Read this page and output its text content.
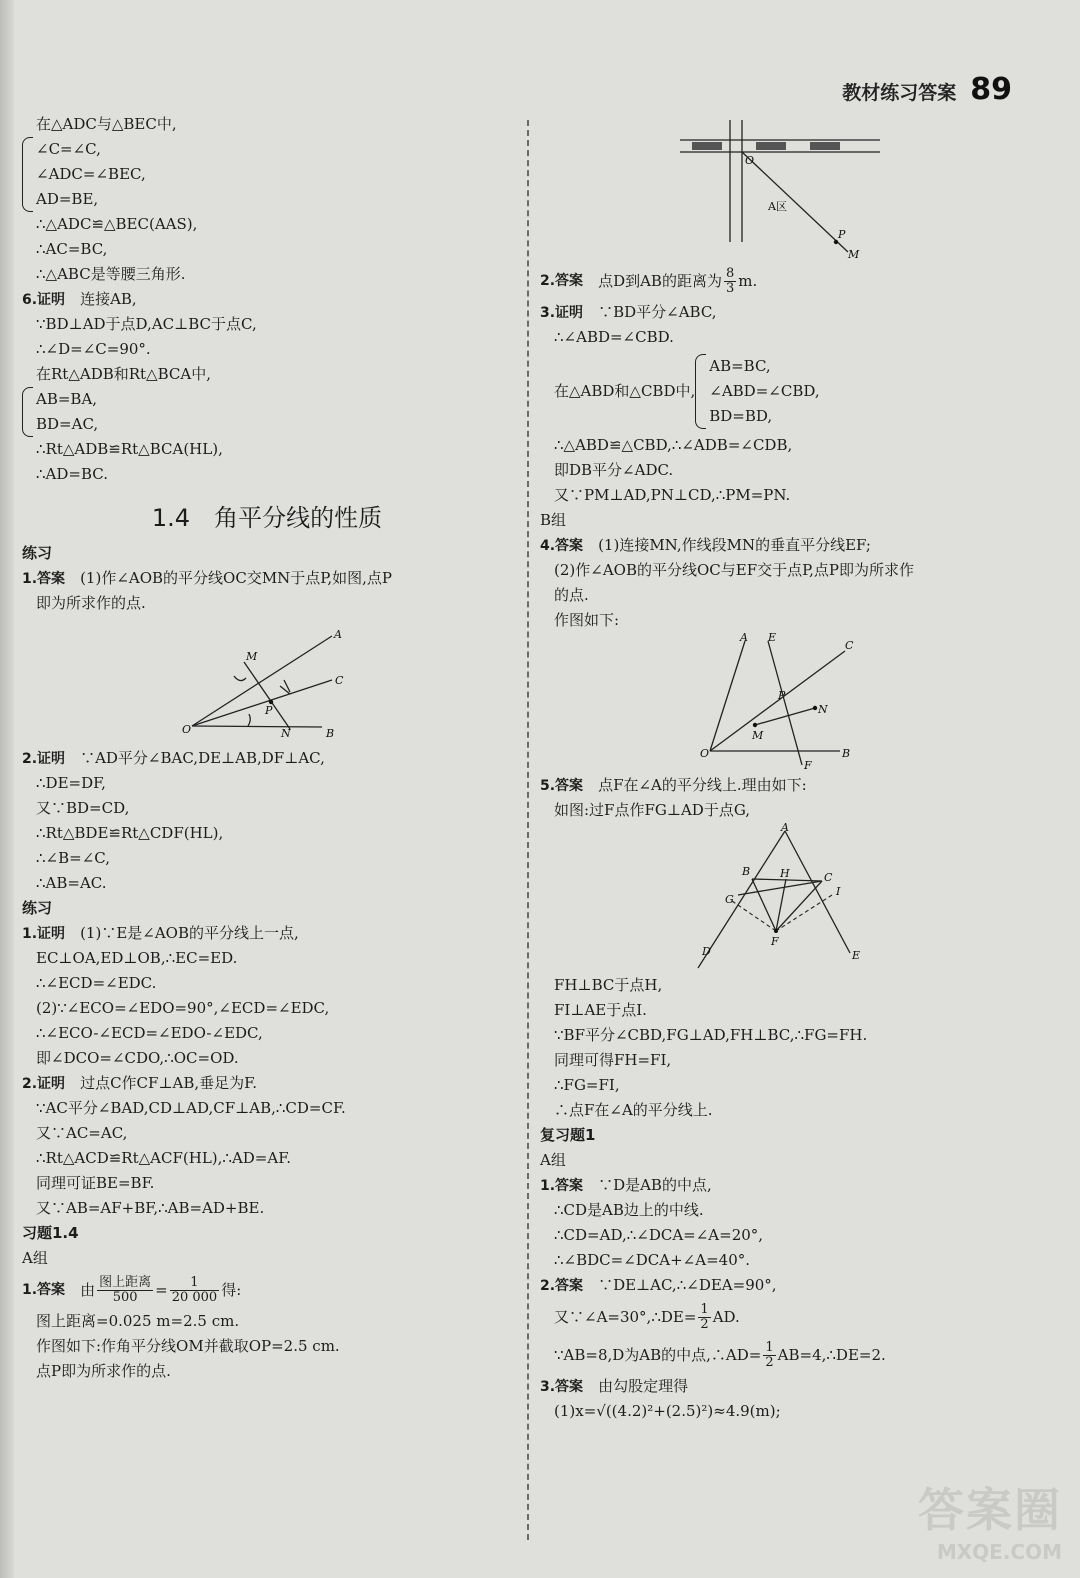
教材练习答案 89
在△ADC与△BEC中,
∠C=∠C,
∠ADC=∠BEC,
AD=BE,
∴△ADC≌△BEC(AAS),
∴AC=BC,
∴△ABC是等腰三角形.
6.证明　 连接AB,
∵BD⊥AD于点D,AC⊥BC于点C,
∴∠D=∠C=90°.
在Rt△ADB和Rt△BCA中,
AB=BA,
BD=AC,
∴Rt△ADB≌Rt△BCA(HL),
∴AD=BC.
1.4　角平分线的性质
练习
1.答案　 (1)作∠AOB的平分线OC交MN于点P,如图,点P
即为所求作的点.
A
B
C
M
N
O
P
2.证明　 ∵AD平分∠BAC,DE⊥AB,DF⊥AC,
∴DE=DF,
又∵BD=CD,
∴Rt△BDE≌Rt△CDF(HL),
∴∠B=∠C,
∴AB=AC.
练习
1.证明　 (1)∵E是∠AOB的平分线上一点,
EC⊥OA,ED⊥OB,∴EC=ED.
∴∠ECD=∠EDC.
(2)∵∠ECO=∠EDO=90°,∠ECD=∠EDC,
∴∠ECO-∠ECD=∠EDO-∠EDC,
即∠DCO=∠CDO,∴OC=OD.
2.证明　 过点C作CF⊥AB,垂足为F.
∵AC平分∠BAD,CD⊥AD,CF⊥AB,∴CD=CF.
又∵AC=AC,
∴Rt△ACD≌Rt△ACF(HL),∴AD=AF.
同理可证BE=BF.
又∵AB=AF+BF,∴AB=AD+BE.
习题1.4
A组
1.答案
　 由 $\frac{\text{图上距离}}{500} = \frac{1}{20 000}$ 得:
图上距离=0.025 m=2.5 cm.
作图如下:作角平分线OM并截取OP=2.5 cm.
点P即为所求作的点.
O
P
M
A区
2.答案
　 点D到AB的距离为 $\frac{8}{3} m$.
3.证明　 ∵BD平分∠ABC,
∴∠ABD=∠CBD.
在△ABD和△CBD中,
AB=BC,
∠ABD=∠CBD,
BD=BD,
∴△ABD≌△CBD,∴∠ADB=∠CDB,
即DB平分∠ADC.
又∵PM⊥AD,PN⊥CD,∴PM=PN.
B组
4.答案　 (1)连接MN,作线段MN的垂直平分线EF;
(2)作∠AOB的平分线OC与EF交于点P,点P即为所求作
的点.
作图如下:
A E
C
P
N
M
O	B
F
5.答案　 点F在∠A的平分线上.理由如下:
如图:过F点作FG⊥AD于点G,
A
B	H	C
G
I
D
F
E
FH⊥BC于点H,
FI⊥AE于点I.
∵BF平分∠CBD,FG⊥AD,FH⊥BC,∴FG=FH.
同理可得FH=FI,
∴FG=FI,
∴点F在∠A的平分线上.
复习题1
A组
1.答案　 ∵D是AB的中点,
∴CD是AB边上的中线.
∴CD=AD,∴∠DCA=∠A=20°,
∴∠BDC=∠DCA+∠A=40°.
2.答案　 ∵DE⊥AC,∴∠DEA=90°,
又∵∠A=30°,∴DE= $\frac{1}{2}$ AD.
∵AB=8,D为AB的中点,∴AD= $\frac{1}{2}$ AB=4,∴DE=2.
3.答案　 由勾股定理得
(1)x=√((4.2)²+(2.5)²)≈4.9(m);
答案圈
MXQE.COM
